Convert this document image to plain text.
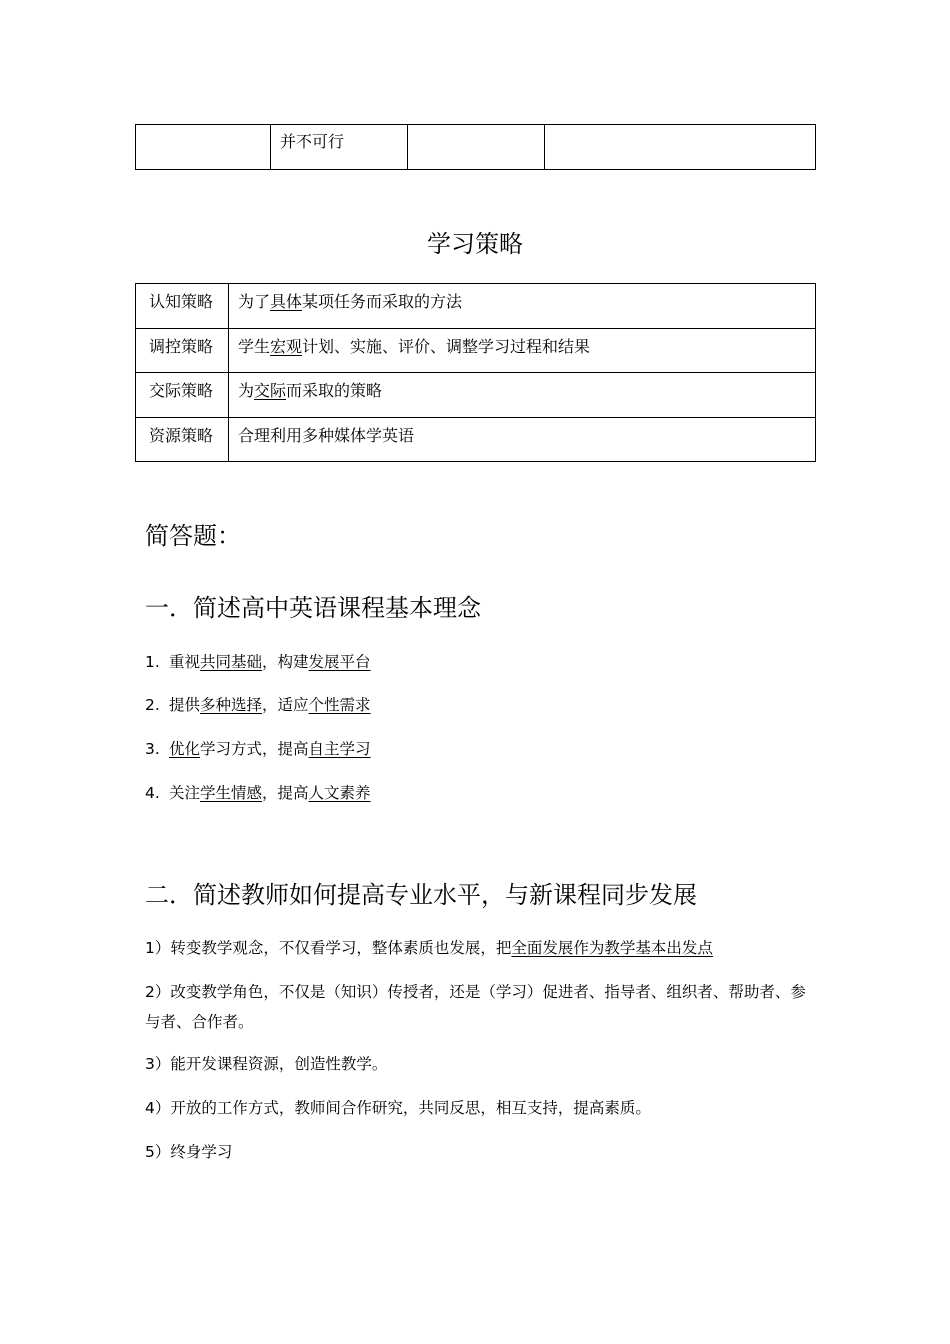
	并不可行		
学习策略
认知策略	为了具体某项任务而采取的方法
调控策略	学生宏观计划、实施、评价、调整学习过程和结果
交际策略	为交际而采取的策略
资源策略	合理利用多种媒体学英语
简答题：
一．简述高中英语课程基本理念
1. 重视共同基础，构建发展平台
2. 提供多种选择，适应个性需求
3. 优化学习方式，提高自主学习
4. 关注学生情感，提高人文素养
二．简述教师如何提高专业水平，与新课程同步发展
1）转变教学观念，不仅看学习，整体素质也发展，把全面发展作为教学基本出发点
2）改变教学角色，不仅是（知识）传授者，还是（学习）促进者、指导者、组织者、帮助者、参与者、合作者。
3）能开发课程资源，创造性教学。
4）开放的工作方式，教师间合作研究，共同反思，相互支持，提高素质。
5）终身学习
